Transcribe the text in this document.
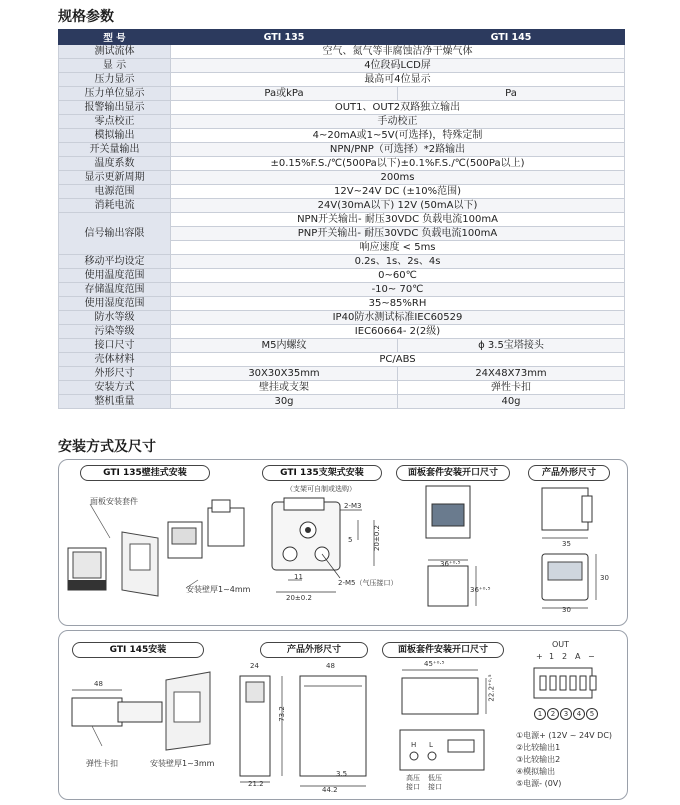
规格参数
型 号	GTI 135	GTI 145
测试流体	空气、氮气等非腐蚀洁净干燥气体	
显 示	4位段码LCD屏	
压力显示	最高可4位显示	
压力单位显示	Pa或kPa	Pa
报警输出显示	OUT1、OUT2双路独立输出	
零点校正	手动校正	
模拟输出	4~20mA或1~5V(可选择)，特殊定制	
开关量输出	NPN/PNP（可选择）*2路输出	
温度系数	±0.15%F.S./℃(500Pa以下)±0.1%F.S./℃(500Pa以上)	
显示更新周期	200ms	
电源范围	12V~24V DC (±10%范围)	
消耗电流	24V(30mA以下) 12V (50mA以下)	
信号输出容限	NPN开关输出- 耐压30VDC 负载电流100mA	
	PNP开关输出- 耐压30VDC 负载电流100mA	
	响应速度 < 5ms	
移动平均设定	0.2s、1s、2s、4s	
使用温度范围	0~60℃	
存储温度范围	-10~ 70℃	
使用湿度范围	35~85%RH	
防水等级	IP40防水测试标准IEC60529	
污染等级	IEC60664- 2(2级)	
接口尺寸	M5内螺纹	ϕ 3.5宝塔接头
壳体材料	PC/ABS	
外形尺寸	30X30X35mm	24X48X73mm
安装方式	壁挂或支架	弹性卡扣
整机重量	30g	40g
安装方式及尺寸
GTI 135壁挂式安装	GTI 135支架式安装	面板套件安装开口尺寸	产品外形尺寸
面板安装套件
安装壁厚1~4mm
（支架可自制或选购）
2-M3
5	20±0.2
11
20±0.2
2-M5（气压接口）
36⁺⁰·⁵
36⁺⁰·⁵
35
30
30
GTI 145安装	产品外形尺寸	面板套件安装开口尺寸
48
弹性卡扣	安装壁厚1~3mm
24	48
73.2
21.2
3.5
44.2
45⁺⁰·⁵
22.2⁺⁰·⁵
H L
高压
接口
低压
接口
OUT
+ 1 2 A −
1	2	3	4	5
①电源+ (12V ~ 24V DC)
②比较输出1
③比较输出2
④模拟输出
⑤电源- (0V)
